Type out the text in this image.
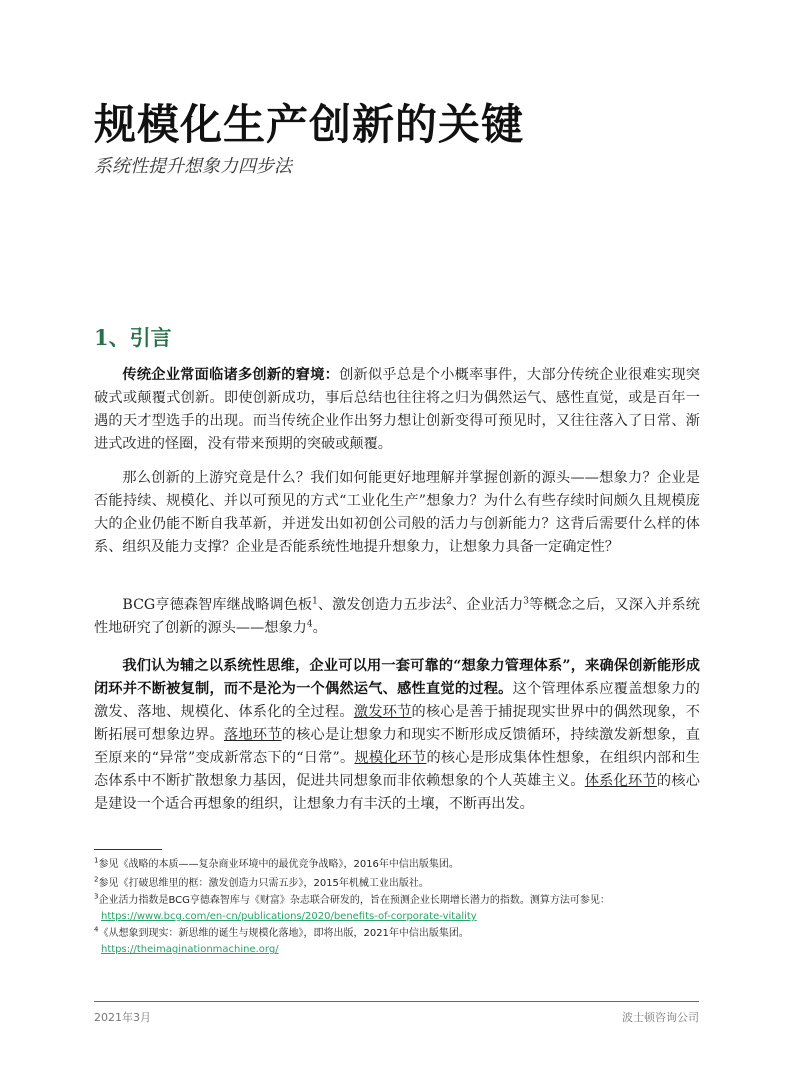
规模化生产创新的关键
系统性提升想象力四步法
1、引言

传统企业常面临诸多创新的窘境：创新似乎总是个小概率事件，大部分传统企业很难实现突破式或颠覆式创新。即使创新成功，事后总结也往往将之归为偶然运气、感性直觉，或是百年一遇的天才型选手的出现。而当传统企业作出努力想让创新变得可预见时，又往往落入了日常、渐进式改进的怪圈，没有带来预期的突破或颠覆。

那么创新的上游究竟是什么？我们如何能更好地理解并掌握创新的源头——想象力？企业是否能持续、规模化、并以可预见的方式“工业化生产”想象力？为什么有些存续时间颇久且规模庞大的企业仍能不断自我革新，并迸发出如初创公司般的活力与创新能力？这背后需要什么样的体系、组织及能力支撑？企业是否能系统性地提升想象力，让想象力具备一定确定性？

BCG亨德森智库继战略调色板$^1$、激发创造力五步法$^2$、企业活力$^3$等概念之后，又深入并系统性地研究了创新的源头——想象力$^4$。

我们认为辅之以系统性思维，企业可以用一套可靠的“想象力管理体系”，来确保创新能形成闭环并不断被复制，而不是沦为一个偶然运气、感性直觉的过程。这个管理体系应覆盖想象力的激发、落地、规模化、体系化的全过程。激发环节的核心是善于捕捉现实世界中的偶然现象，不断拓展可想象边界。落地环节的核心是让想象力和现实不断形成反馈循环，持续激发新想象，直至原来的“异常”变成新常态下的“日常”。规模化环节的核心是形成集体性想象，在组织内部和生态体系中不断扩散想象力基因，促进共同想象而非依赖想象的个人英雄主义。体系化环节的核心是建设一个适合再想象的组织，让想象力有丰沃的土壤，不断再出发。

$^1$参见《战略的本质——复杂商业环境中的最优竞争战略》，2016年中信出版集团。

$^2$参见《打破思维里的框：激发创造力只需五步》，2015年机械工业出版社。

$^3$企业活力指数是BCG亨德森智库与《财富》杂志联合研发的，旨在预测企业长期增长潜力的指数。测算方法可参见：
https://www.bcg.com/en-cn/publications/2020/benefits-of-corporate-vitality

$^4$《从想象到现实：新思维的诞生与规模化落地》，即将出版，2021年中信出版集团。
https://theimaginationmachine.org/

2021年3月	波士顿咨询公司
